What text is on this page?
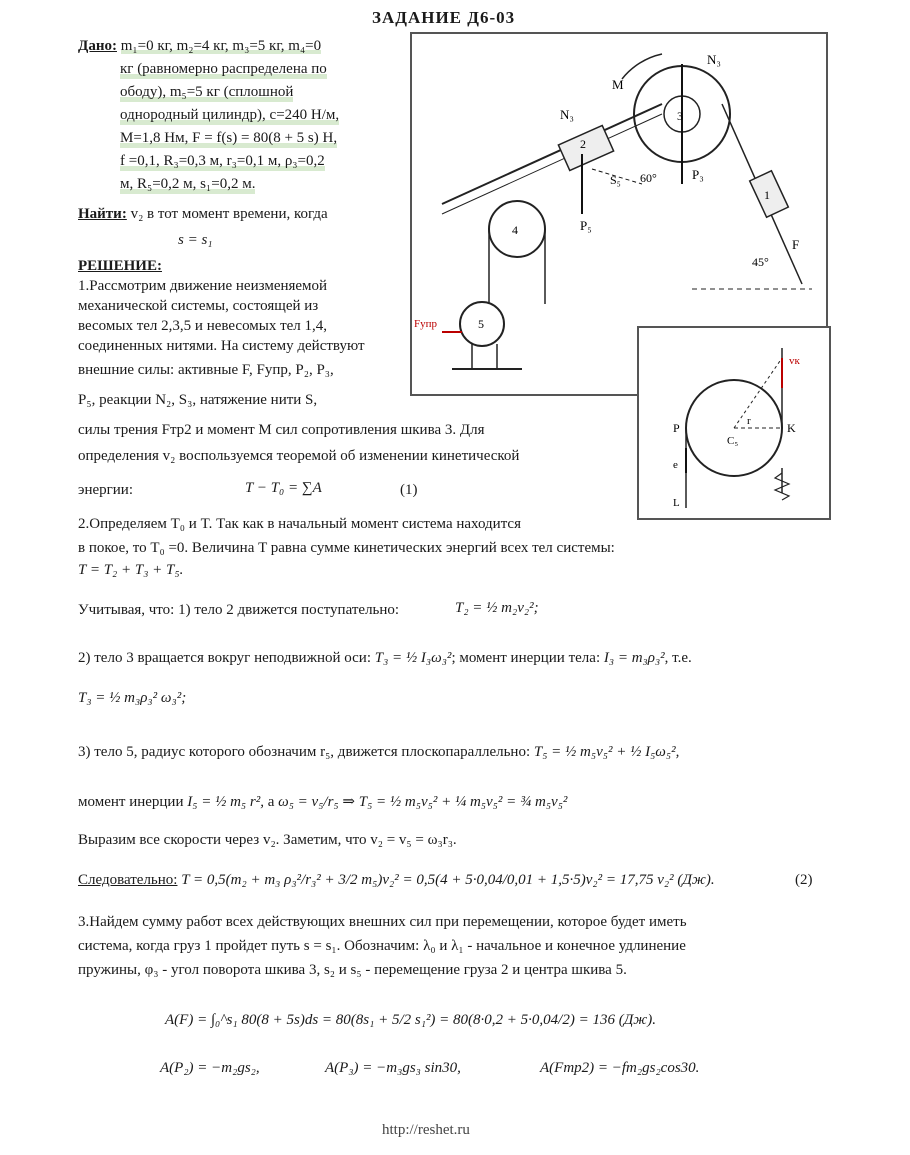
ЗАДАНИЕ Д6-03
Дано: m₁=0 кг, m₂=4 кг, m₃=5 кг, m₄=0
кг (равномерно распределена по
ободу), m₅=5 кг (сплошной
однородный цилиндр), c=240 Н/м,
M=1,8 Нм, F = f(s) = 80(8 + 5 s) Н,
f =0,1, R₃=0,3 м, r₃=0,1 м, ρ₃=0,2
м, R₅=0,2 м, s₁=0,2 м.
Найти: v₂ в тот момент времени, когда
s = s₁
РЕШЕНИЕ:
1.Рассмотрим движение неизменяемой
механической системы, состоящей из
весомых тел 2,3,5 и невесомых тел 1,4,
соединенных нитями. На систему действуют
внешние силы: активные F, Fупр, P₂, P₃,
P₅, реакции N₂, S₃, натяжение нити S,
силы трения Fтр2 и момент M сил сопротивления шкива 3. Для
определения v₂ воспользуемся теоремой об изменении кинетической
энергии:	T − T₀ = ∑A	(1)
2.Определяем T₀ и T. Так как в начальный момент система находится
в покое, то T₀ =0. Величина T равна сумме кинетических энергий всех тел системы:
T = T₂ + T₃ + T₅.
Учитывая, что: 1) тело 2 движется поступательно:	T₂ = ½ m₂v₂²;
2) тело 3 вращается вокруг неподвижной оси: T₃ = ½ I₃ω₃²; момент инерции тела: I₃ = m₃ρ₃², т.е.
T₃ = ½ m₃ρ₃² ω₃²;
3) тело 5, радиус которого обозначим r₅, движется плоскопараллельно: T₅ = ½ m₅v₅² + ½ I₅ω₅²,
момент инерции I₅ = ½ m₅ r², а ω₅ = v₅/r₅ ⇒ T₅ = ½ m₅v₅² + ¼ m₅v₅² = ¾ m₅v₅²
Выразим все скорости через v₂. Заметим, что v₂ = v₅ = ω₃r₃.
Следовательно: T = 0,5(m₂ + m₃ ρ₃²/r₃² + 3/2 m₅)v₂² = 0,5(4 + 5·0,04/0,01 + 1,5·5)v₂² = 17,75 v₂² (Дж).	(2)
3.Найдем сумму работ всех действующих внешних сил при перемещении, которое будет иметь
система, когда груз 1 пройдет путь s = s₁. Обозначим: λ₀ и λ₁ - начальное и конечное удлинение
пружины, φ₃ - угол поворота шкива 3, s₂ и s₅ - перемещение груза 2 и центра шкива 5.
A(F) = ∫₀^s₁ 80(8 + 5s)ds = 80(8s₁ + 5/2 s₁²) = 80(8·0,2 + 5·0,04/2) = 136 (Дж).
A(P₂) = −m₂gs₂,	A(P₃) = −m₃gs₃ sin30,	A(Fтр2) = −fm₂gs₂cos30.
http://reshet.ru
M
N₃
N₃
P₃
F
60°
45°
Fупр
P₅
S₅
4
5
3
2
1
P	K
C₅
r
vк
e
L
